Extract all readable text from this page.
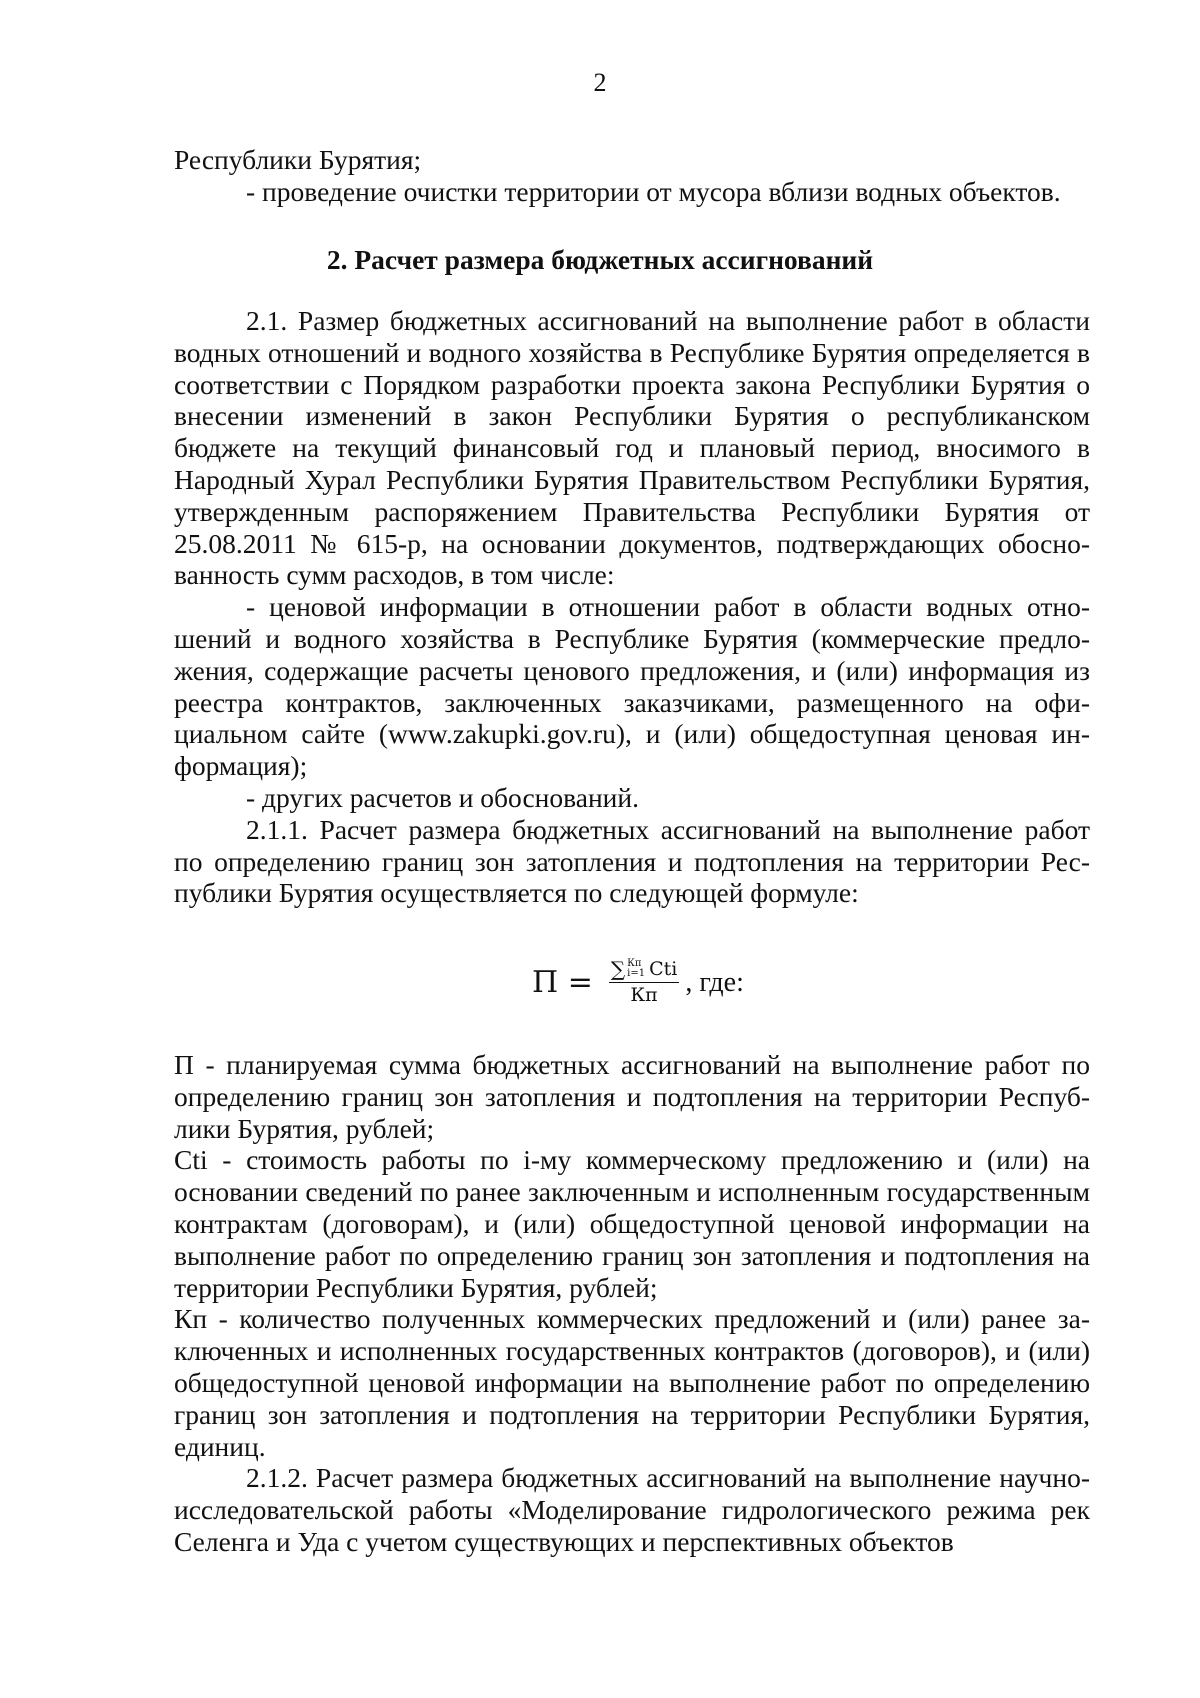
2

Республики Бурятия;

- проведение очистки территории от мусора вблизи водных объектов.

2. Расчет размера бюджетных ассигнований

2.1. Размер бюджетных ассигнований на выполнение работ в области водных отношений и водного хозяйства в Республике Бурятия определяется в соответствии с Порядком разработки проекта закона Республики Бурятия о внесении изменений в закон Республики Бурятия о республиканском бюджете на текущий финансовый год и плановый период, вносимого в Народный Хурал Республики Бурятия Правительством Республики Бурятия, утвержденным распоряжением Правительства Республики Бурятия от 25.08.2011 № 615-р, на основании документов, подтверждающих обоснованность сумм расходов, в том числе:

- ценовой информации в отношении работ в области водных отношений и водного хозяйства в Республике Бурятия (коммерческие предложения, содержащие расчеты ценового предложения, и (или) информация из реестра контрактов, заключенных заказчиками, размещенного на официальном сайте (www.zakupki.gov.ru), и (или) общедоступная ценовая информация);

- других расчетов и обоснований.

2.1.1. Расчет размера бюджетных ассигнований на выполнение работ по определению границ зон затопления и подтопления на территории Республики Бурятия осуществляется по следующей формуле:

П = ∑ Кп
i=1 Cti
Кп , где:

П - планируемая сумма бюджетных ассигнований на выполнение работ по определению границ зон затопления и подтопления на территории Республики Бурятия, рублей;

Cti - стоимость работы по i-му коммерческому предложению и (или) на основании сведений по ранее заключенным и исполненным государственным контрактам (договорам), и (или) общедоступной ценовой информации на выполнение работ по определению границ зон затопления и подтопления на территории Республики Бурятия, рублей;

Кп - количество полученных коммерческих предложений и (или) ранее заключенных и исполненных государственных контрактов (договоров), и (или) общедоступной ценовой информации на выполнение работ по определению границ зон затопления и подтопления на территории Республики Бурятия, единиц.

2.1.2. Расчет размера бюджетных ассигнований на выполнение научно-исследовательской работы «Моделирование гидрологического режима рек Селенга и Уда с учетом существующих и перспективных объектов
